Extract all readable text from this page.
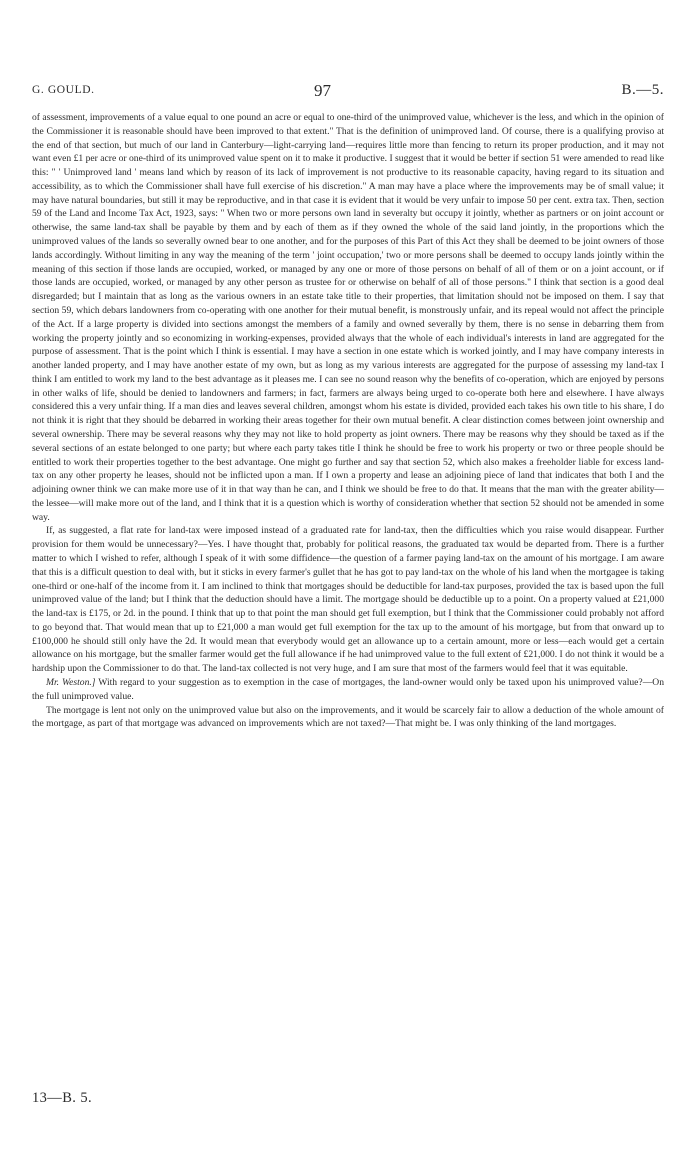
G. GOULD.	97	B.—5.

of assessment, improvements of a value equal to one pound an acre or equal to one-third of the unimproved value, whichever is the less, and which in the opinion of the Commissioner it is reasonable should have been improved to that extent." That is the definition of unimproved land. Of course, there is a qualifying proviso at the end of that section, but much of our land in Canterbury—light-carrying land—requires little more than fencing to return its proper production, and it may not want even £1 per acre or one-third of its unimproved value spent on it to make it productive. I suggest that it would be better if section 51 were amended to read like this: " ' Unimproved land ' means land which by reason of its lack of improvement is not productive to its reasonable capacity, having regard to its situation and accessibility, as to which the Commissioner shall have full exercise of his discretion." A man may have a place where the improvements may be of small value; it may have natural boundaries, but still it may be reproductive, and in that case it is evident that it would be very unfair to impose 50 per cent. extra tax. Then, section 59 of the Land and Income Tax Act, 1923, says: " When two or more persons own land in severalty but occupy it jointly, whether as partners or on joint account or otherwise, the same land-tax shall be payable by them and by each of them as if they owned the whole of the said land jointly, in the proportions which the unimproved values of the lands so severally owned bear to one another, and for the purposes of this Part of this Act they shall be deemed to be joint owners of those lands accordingly. Without limiting in any way the meaning of the term ' joint occupation,' two or more persons shall be deemed to occupy lands jointly within the meaning of this section if those lands are occupied, worked, or managed by any one or more of those persons on behalf of all of them or on a joint account, or if those lands are occupied, worked, or managed by any other person as trustee for or otherwise on behalf of all of those persons." I think that section is a good deal disregarded; but I maintain that as long as the various owners in an estate take title to their properties, that limitation should not be imposed on them. I say that section 59, which debars landowners from co-operating with one another for their mutual benefit, is monstrously unfair, and its repeal would not affect the principle of the Act. If a large property is divided into sections amongst the members of a family and owned severally by them, there is no sense in debarring them from working the property jointly and so economizing in working-expenses, provided always that the whole of each individual's interests in land are aggregated for the purpose of assessment. That is the point which I think is essential. I may have a section in one estate which is worked jointly, and I may have company interests in another landed property, and I may have another estate of my own, but as long as my various interests are aggregated for the purpose of assessing my land-tax I think I am entitled to work my land to the best advantage as it pleases me. I can see no sound reason why the benefits of co-operation, which are enjoyed by persons in other walks of life, should be denied to landowners and farmers; in fact, farmers are always being urged to co-operate both here and elsewhere. I have always considered this a very unfair thing. If a man dies and leaves several children, amongst whom his estate is divided, provided each takes his own title to his share, I do not think it is right that they should be debarred in working their areas together for their own mutual benefit. A clear distinction comes between joint ownership and several ownership. There may be several reasons why they may not like to hold property as joint owners. There may be reasons why they should be taxed as if the several sections of an estate belonged to one party; but where each party takes title I think he should be free to work his property or two or three people should be entitled to work their properties together to the best advantage. One might go further and say that section 52, which also makes a freeholder liable for excess land-tax on any other property he leases, should not be inflicted upon a man. If I own a property and lease an adjoining piece of land that indicates that both I and the adjoining owner think we can make more use of it in that way than he can, and I think we should be free to do that. It means that the man with the greater ability—the lessee—will make more out of the land, and I think that it is a question which is worthy of consideration whether that section 52 should not be amended in some way.

If, as suggested, a flat rate for land-tax were imposed instead of a graduated rate for land-tax, then the difficulties which you raise would disappear. Further provision for them would be unnecessary?—Yes. I have thought that, probably for political reasons, the graduated tax would be departed from. There is a further matter to which I wished to refer, although I speak of it with some diffidence—the question of a farmer paying land-tax on the amount of his mortgage. I am aware that this is a difficult question to deal with, but it sticks in every farmer's gullet that he has got to pay land-tax on the whole of his land when the mortgagee is taking one-third or one-half of the income from it. I am inclined to think that mortgages should be deductible for land-tax purposes, provided the tax is based upon the full unimproved value of the land; but I think that the deduction should have a limit. The mortgage should be deductible up to a point. On a property valued at £21,000 the land-tax is £175, or 2d. in the pound. I think that up to that point the man should get full exemption, but I think that the Commissioner could probably not afford to go beyond that. That would mean that up to £21,000 a man would get full exemption for the tax up to the amount of his mortgage, but from that onward up to £100,000 he should still only have the 2d. It would mean that everybody would get an allowance up to a certain amount, more or less—each would get a certain allowance on his mortgage, but the smaller farmer would get the full allowance if he had unimproved value to the full extent of £21,000. I do not think it would be a hardship upon the Commissioner to do that. The land-tax collected is not very huge, and I am sure that most of the farmers would feel that it was equitable.

Mr. Weston.] With regard to your suggestion as to exemption in the case of mortgages, the land-owner would only be taxed upon his unimproved value?—On the full unimproved value.

The mortgage is lent not only on the unimproved value but also on the improvements, and it would be scarcely fair to allow a deduction of the whole amount of the mortgage, as part of that mortgage was advanced on improvements which are not taxed?—That might be. I was only thinking of the land mortgages.

13—B. 5.
